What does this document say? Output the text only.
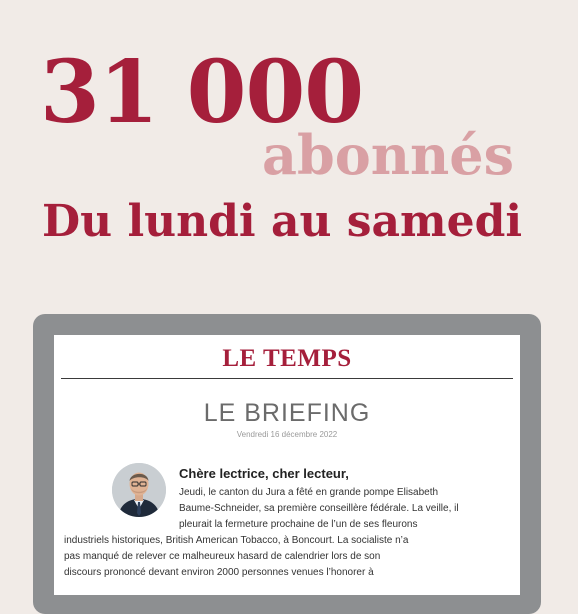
31 000
abonnés
Du lundi au samedi
LE TEMPS
LE BRIEFING
Vendredi 16 décembre 2022
Chère lectrice, cher lecteur,

Jeudi, le canton du Jura a fêté en grande pompe Elisabeth
Baume-Schneider, sa première conseillère fédérale. La veille, il
pleurait la fermeture prochaine de l’un de ses fleurons
industriels historiques, British American Tobacco, à Boncourt. La socialiste n’a
pas manqué de relever ce malheureux hasard de calendrier lors de son
discours prononcé devant environ 2000 personnes venues l’honorer à
